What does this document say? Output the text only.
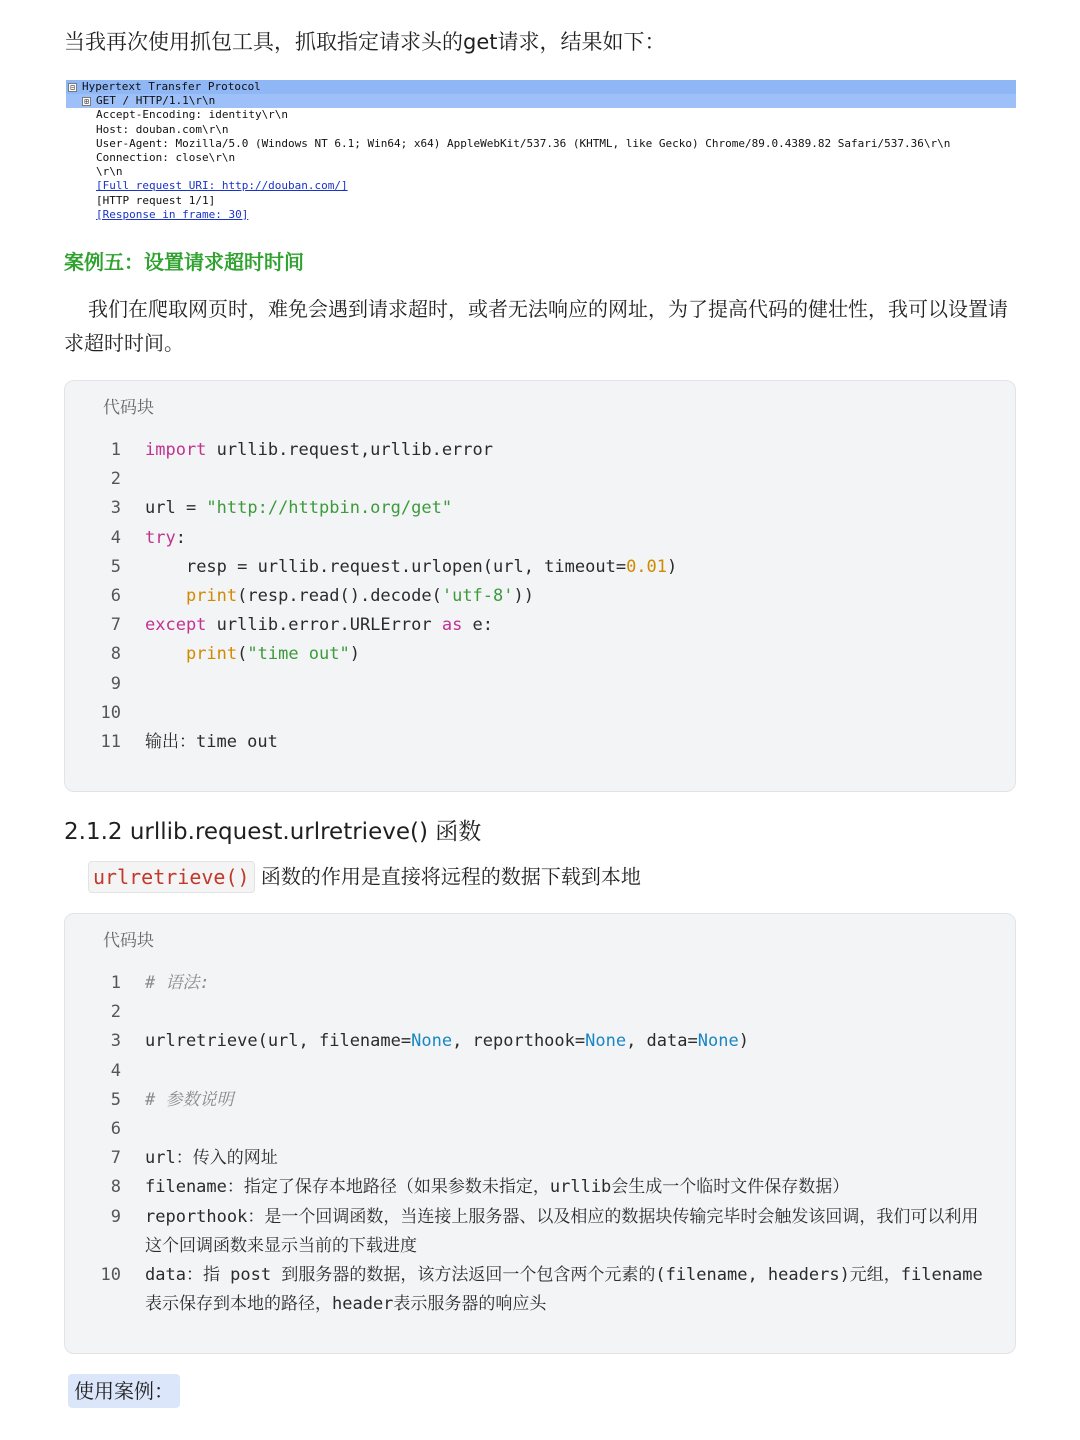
当我再次使用抓包工具，抓取指定请求头的get请求，结果如下：

⊟

Hypertext Transfer Protocol

⊞

GET / HTTP/1.1\r\n

Accept-Encoding: identity\r\n

Host: douban.com\r\n

User-Agent: Mozilla/5.0 (Windows NT 6.1; Win64; x64) AppleWebKit/537.36 (KHTML, like Gecko) Chrome/89.0.4389.82 Safari/537.36\r\n

Connection: close\r\n

\r\n

[Full request URI: http://douban.com/]

[HTTP request 1/1]

[Response in frame: 30]

案例五：设置请求超时时间

我们在爬取网页时，难免会遇到请求超时，或者无法响应的网址，为了提高代码的健壮性，我可以设置请求超时时间。

代码块
1 import urllib.request,urllib.error
2
3 url = "http://httpbin.org/get"
4 try:
5 resp = urllib.request.urlopen(url, timeout=0.01)
6	print(resp.read().decode('utf-8'))
7 except urllib.error.URLError as e:
8	print("time out")
9
10
11 输出：time out
2.1.2 urllib.request.urlretrieve() 函数
urlretrieve() 函数的作用是直接将远程的数据下载到本地
代码块
1 # 语法:
2
3 urlretrieve(url, filename=None, reporthook=None, data=None)
4
5 # 参数说明
6
7 url：传入的网址
8 filename：指定了保存本地路径（如果参数未指定，urllib会生成一个临时文件保存数据）
9 reporthook：是一个回调函数，当连接上服务器、以及相应的数据块传输完毕时会触发该回调，我们可以利用这个回调函数来显示当前的下载进度
10 data：指 post 到服务器的数据，该方法返回一个包含两个元素的(filename, headers)元组，filename 表示保存到本地的路径，header表示服务器的响应头
使用案例：
